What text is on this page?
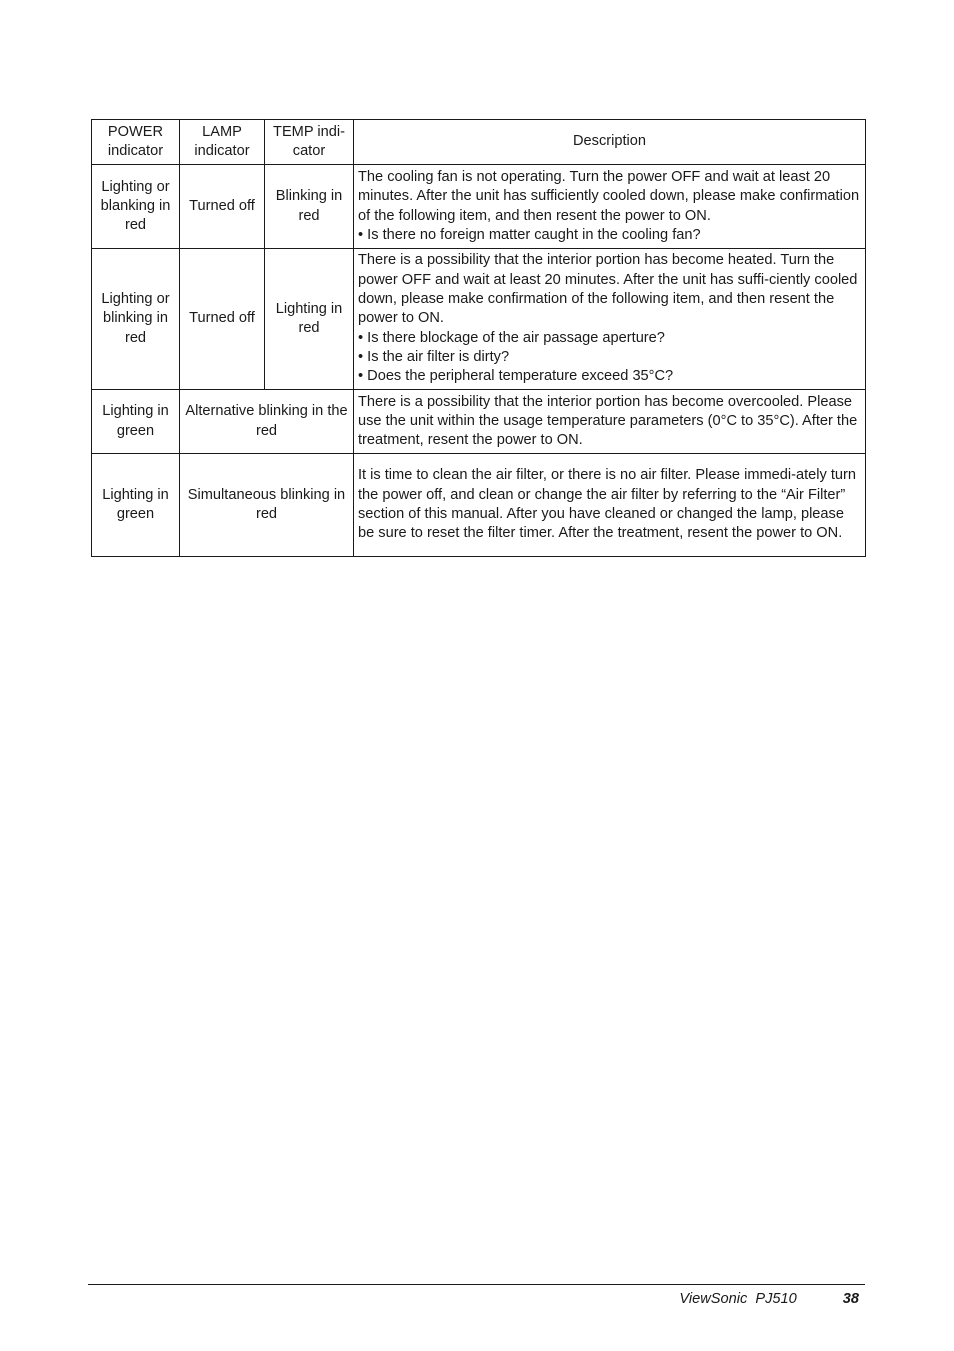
POWER indicator	LAMP indicator	TEMP indi-cator	Description
Lighting or blanking in red	Turned off	Blinking in red	The cooling fan is not operating. Turn the power OFF and wait at least 20 minutes. After the unit has sufficiently cooled down, please make confirmation of the following item, and then resent the power to ON.
• Is there no foreign matter caught in the cooling fan?

Lighting or blinking in red	Turned off	Lighting in red	There is a possibility that the interior portion has become heated. Turn the power OFF and wait at least 20 minutes. After the unit has suffi-ciently cooled down, please make confirmation of the following item, and then resent the power to ON.
• Is there blockage of the air passage aperture?
• Is the air filter is dirty?
• Does the peripheral temperature exceed 35°C?

Lighting in green	Alternative blinking in the red		There is a possibility that the interior portion has become overcooled. Please use the unit within the usage temperature parameters (0°C to 35°C). After the treatment, resent the power to ON.

Lighting in green	Simultaneous blinking in red		It is time to clean the air filter, or there is no air filter. Please immedi-ately turn the power off, and clean or change the air filter by referring to the “Air Filter” section of this manual. After you have cleaned or changed the lamp, please be sure to reset the filter timer. After the treatment, resent the power to ON.
ViewSonic  PJ510	38
